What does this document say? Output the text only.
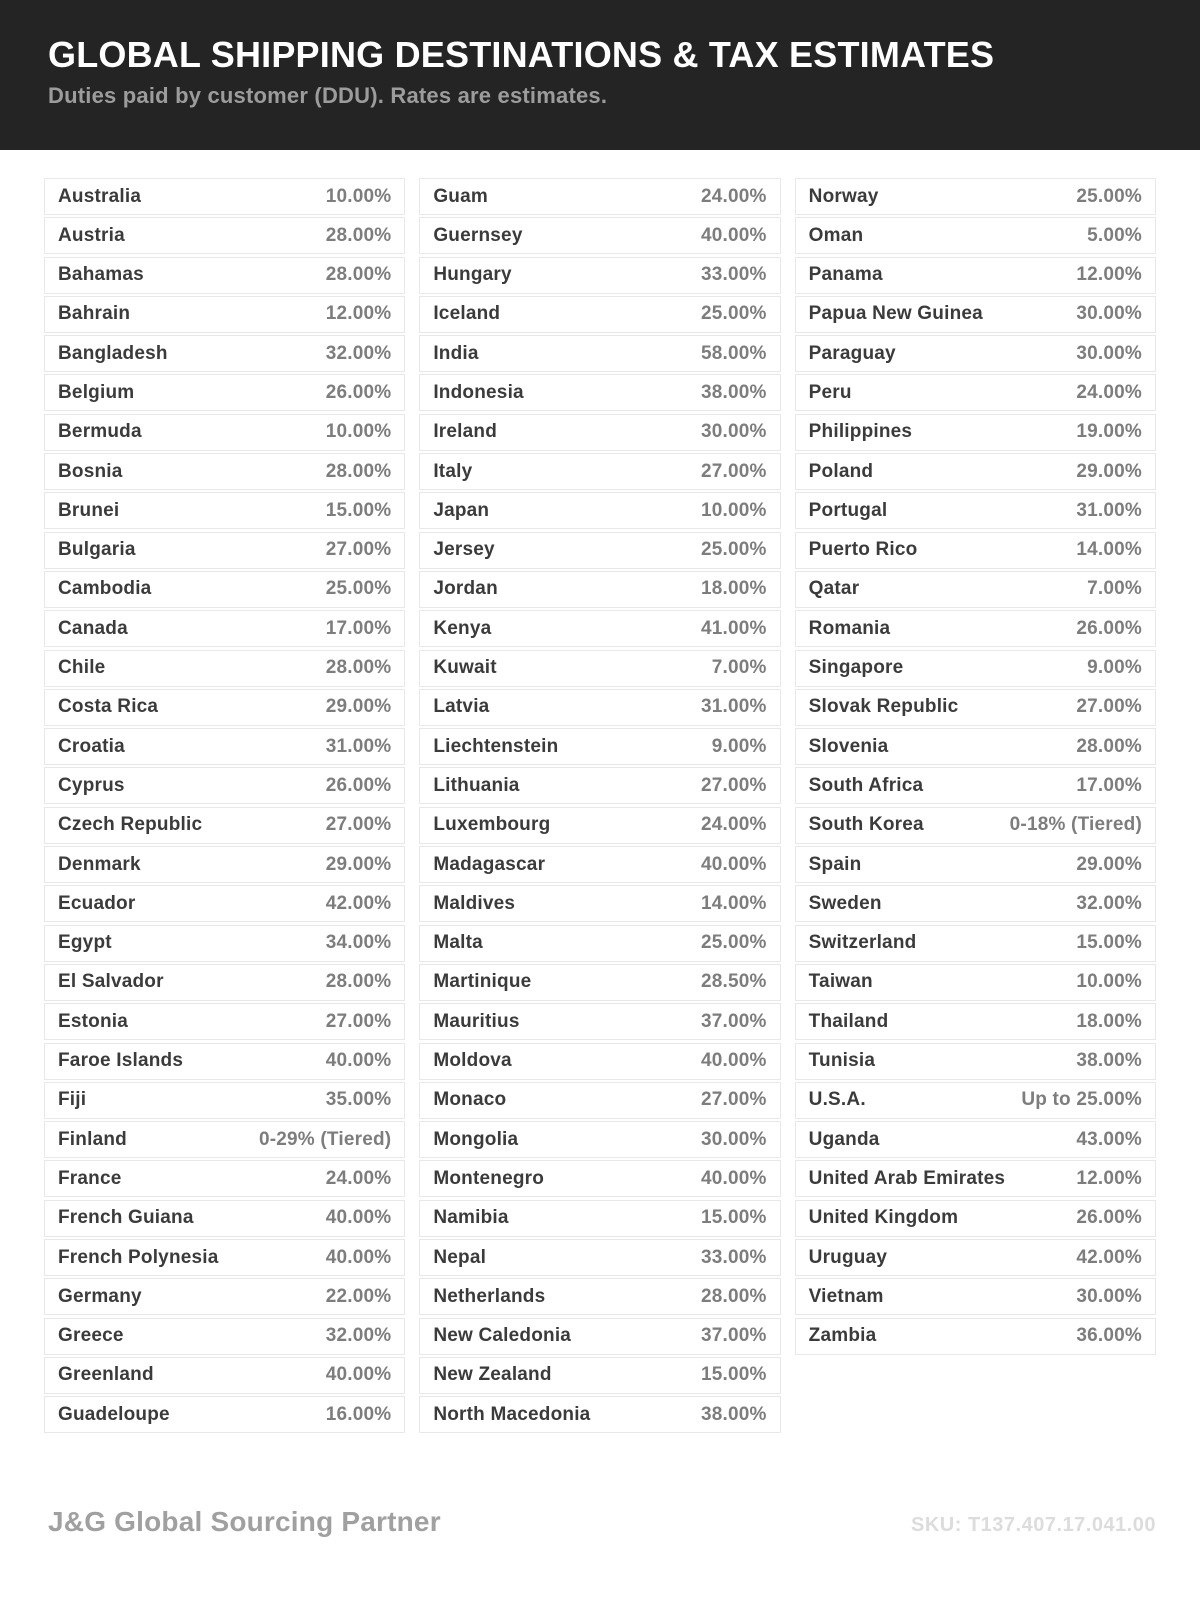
GLOBAL SHIPPING DESTINATIONS & TAX ESTIMATES

Duties paid by customer (DDU). Rates are estimates.

Australia	10.00%
Austria	28.00%
Bahamas	28.00%
Bahrain	12.00%
Bangladesh	32.00%
Belgium	26.00%
Bermuda	10.00%
Bosnia	28.00%
Brunei	15.00%
Bulgaria	27.00%
Cambodia	25.00%
Canada	17.00%
Chile	28.00%
Costa Rica	29.00%
Croatia	31.00%
Cyprus	26.00%
Czech Republic	27.00%
Denmark	29.00%
Ecuador	42.00%
Egypt	34.00%
El Salvador	28.00%
Estonia	27.00%
Faroe Islands	40.00%
Fiji	35.00%
Finland	0-29% (Tiered)
France	24.00%
French Guiana	40.00%
French Polynesia	40.00%
Germany	22.00%
Greece	32.00%
Greenland	40.00%
Guadeloupe	16.00%
Guam	24.00%
Guernsey	40.00%
Hungary	33.00%
Iceland	25.00%
India	58.00%
Indonesia	38.00%
Ireland	30.00%
Italy	27.00%
Japan	10.00%
Jersey	25.00%
Jordan	18.00%
Kenya	41.00%
Kuwait	7.00%
Latvia	31.00%
Liechtenstein	9.00%
Lithuania	27.00%
Luxembourg	24.00%
Madagascar	40.00%
Maldives	14.00%
Malta	25.00%
Martinique	28.50%
Mauritius	37.00%
Moldova	40.00%
Monaco	27.00%
Mongolia	30.00%
Montenegro	40.00%
Namibia	15.00%
Nepal	33.00%
Netherlands	28.00%
New Caledonia	37.00%
New Zealand	15.00%
North Macedonia	38.00%
Norway	25.00%
Oman	5.00%
Panama	12.00%
Papua New Guinea	30.00%
Paraguay	30.00%
Peru	24.00%
Philippines	19.00%
Poland	29.00%
Portugal	31.00%
Puerto Rico	14.00%
Qatar	7.00%
Romania	26.00%
Singapore	9.00%
Slovak Republic	27.00%
Slovenia	28.00%
South Africa	17.00%
South Korea	0-18% (Tiered)
Spain	29.00%
Sweden	32.00%
Switzerland	15.00%
Taiwan	10.00%
Thailand	18.00%
Tunisia	38.00%
U.S.A.	Up to 25.00%
Uganda	43.00%
United Arab Emirates	12.00%
United Kingdom	26.00%
Uruguay	42.00%
Vietnam	30.00%
Zambia	36.00%
J&G Global Sourcing Partner	SKU: T137.407.17.041.00
